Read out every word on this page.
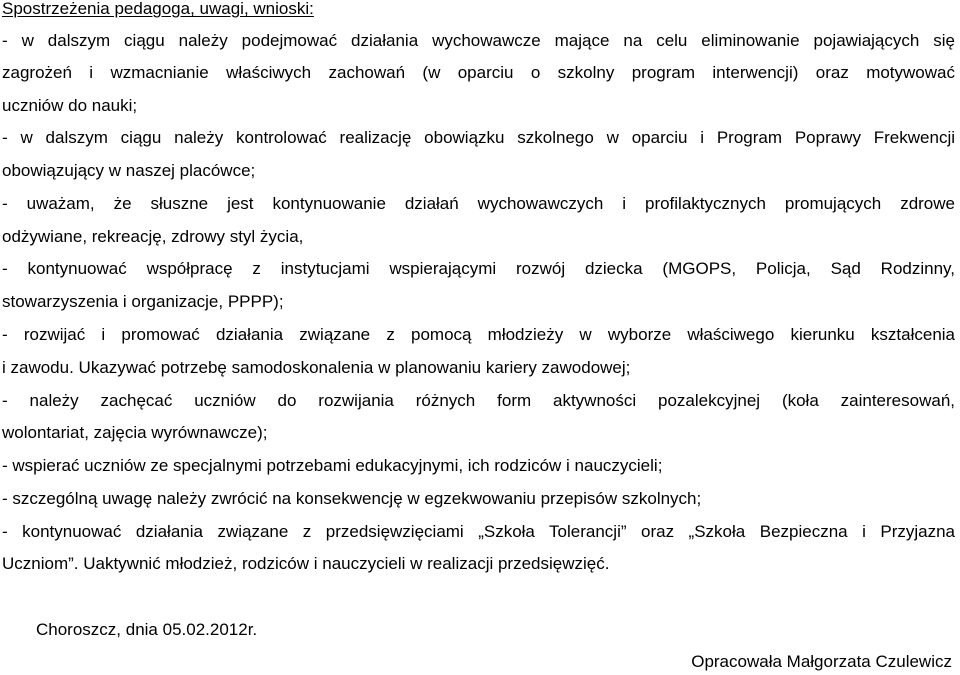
Spostrzeżenia pedagoga, uwagi, wnioski:
- w dalszym ciągu należy podejmować działania wychowawcze mające na celu eliminowanie pojawiających się
zagrożeń i wzmacnianie właściwych zachowań (w oparciu o szkolny program interwencji) oraz motywować
uczniów do nauki;
- w dalszym ciągu należy kontrolować realizację obowiązku szkolnego w oparciu i Program Poprawy Frekwencji
obowiązujący w naszej placówce;
- uważam, że słuszne jest kontynuowanie działań wychowawczych i profilaktycznych promujących zdrowe
odżywiane, rekreację, zdrowy styl życia,
- kontynuować współpracę z instytucjami wspierającymi rozwój dziecka (MGOPS, Policja, Sąd Rodzinny,
stowarzyszenia i organizacje, PPPP);
- rozwijać i promować działania związane z pomocą młodzieży w wyborze właściwego kierunku kształcenia
i zawodu. Ukazywać potrzebę samodoskonalenia w planowaniu kariery zawodowej;
- należy zachęcać uczniów do rozwijania różnych form aktywności pozalekcyjnej (koła zainteresowań,
wolontariat, zajęcia wyrównawcze);
- wspierać uczniów ze specjalnymi potrzebami edukacyjnymi, ich rodziców i nauczycieli;
- szczególną uwagę należy zwrócić na konsekwencję w egzekwowaniu przepisów szkolnych;
- kontynuować działania związane z przedsięwzięciami „Szkoła Tolerancji” oraz „Szkoła Bezpieczna i Przyjazna
Uczniom”. Uaktywnić młodzież, rodziców i nauczycieli w realizacji przedsięwzięć.
Choroszcz, dnia 05.02.2012r.
Opracowała Małgorzata Czulewicz
